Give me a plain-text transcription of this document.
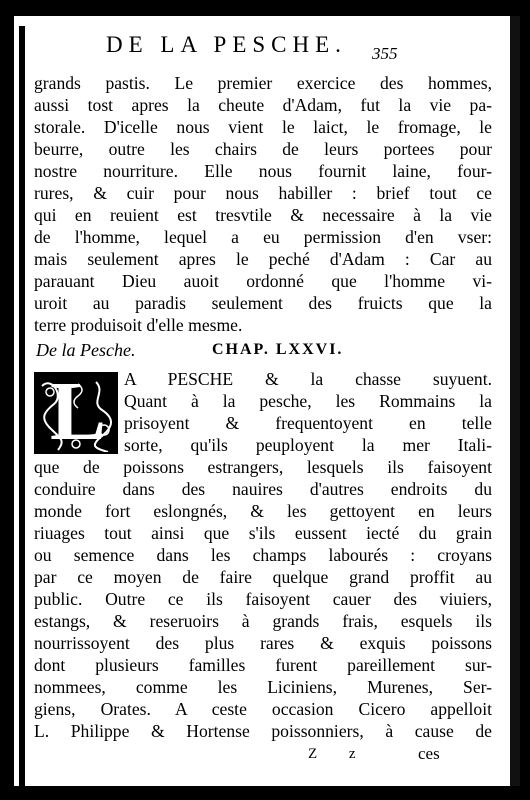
DE LA PESCHE. 355
grands pastis. Le premier exercice des hommes,
aussi tost apres la cheute d'Adam, fut la vie pa-
storale. D'icelle nous vient le laict, le fromage, le
beurre, outre les chairs de leurs portees pour
nostre nourriture. Elle nous fournit laine, four-
rures, & cuir pour nous habiller : brief tout ce
qui en reuient est tresvtile & necessaire à la vie
de l'homme, lequel a eu permission d'en vser:
mais seulement apres le peché d'Adam : Car au
parauant Dieu auoit ordonné que l'homme vi-
uroit au paradis seulement des fruicts que la
terre produisoit d'elle mesme.
De la Pesche.	CHAP. LXXVI.
L A PESCHE & la chasse suyuent.
Quant à la pesche, les Rommains la
prisoyent & frequentoyent en telle
sorte, qu'ils peuployent la mer Itali-
que de poissons estrangers, lesquels ils faisoyent
conduire dans des nauires d'autres endroits du
monde fort eslongnés, & les gettoyent en leurs
riuages tout ainsi que s'ils eussent iecté du grain
ou semence dans les champs labourés : croyans
par ce moyen de faire quelque grand proffit au
public. Outre ce ils faisoyent cauer des viuiers,
estangs, & reseruoirs à grands frais, esquels ils
nourrissoyent des plus rares & exquis poissons
dont plusieurs familles furent pareillement sur-
nommees, comme les Liciniens, Murenes, Ser-
giens, Orates. A ceste occasion Cicero appelloit
L. Philippe & Hortense poissonniers, à cause de
Z z	ces
